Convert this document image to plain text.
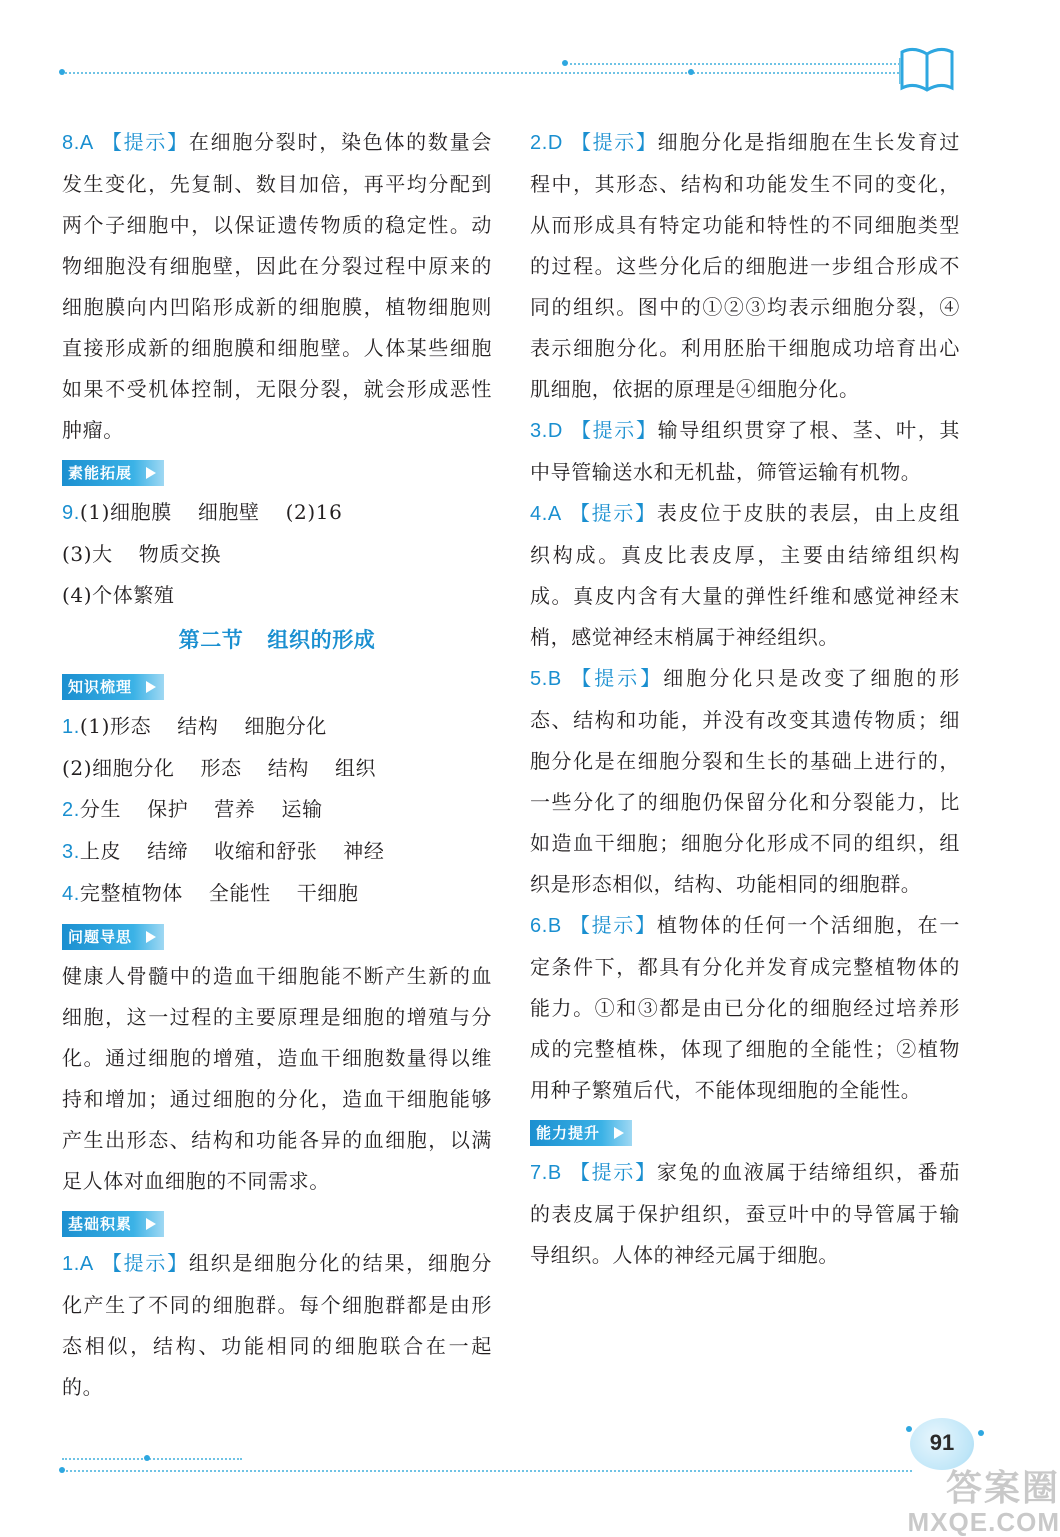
8.A 【提示】在细胞分裂时，染色体的数量会发生变化，先复制、数目加倍，再平均分配到两个子细胞中，以保证遗传物质的稳定性。动物细胞没有细胞壁，因此在分裂过程中原来的细胞膜向内凹陷形成新的细胞膜，植物细胞则直接形成新的细胞膜和细胞壁。人体某些细胞如果不受机体控制，无限分裂，就会形成恶性肿瘤。

素能拓展

9.(1)细胞膜 细胞壁 (2)16

(3)大 物质交换

(4)个体繁殖

第二节 组织的形成
知识梳理

1.(1)形态 结构 细胞分化

(2)细胞分化 形态 结构 组织

2.分生 保护 营养 运输

3.上皮 结缔 收缩和舒张 神经

4.完整植物体 全能性 干细胞

问题导思

健康人骨髓中的造血干细胞能不断产生新的血细胞，这一过程的主要原理是细胞的增殖与分化。通过细胞的增殖，造血干细胞数量得以维持和增加；通过细胞的分化，造血干细胞能够产生出形态、结构和功能各异的血细胞，以满足人体对血细胞的不同需求。

基础积累

1.A 【提示】组织是细胞分化的结果，细胞分化产生了不同的细胞群。每个细胞群都是由形态相似，结构、功能相同的细胞联合在一起的。

2.D 【提示】细胞分化是指细胞在生长发育过程中，其形态、结构和功能发生不同的变化，从而形成具有特定功能和特性的不同细胞类型的过程。这些分化后的细胞进一步组合形成不同的组织。图中的①②③均表示细胞分裂，④表示细胞分化。利用胚胎干细胞成功培育出心肌细胞，依据的原理是④细胞分化。

3.D 【提示】输导组织贯穿了根、茎、叶，其中导管输送水和无机盐，筛管运输有机物。

4.A 【提示】表皮位于皮肤的表层，由上皮组织构成。真皮比表皮厚，主要由结缔组织构成。真皮内含有大量的弹性纤维和感觉神经末梢，感觉神经末梢属于神经组织。

5.B 【提示】细胞分化只是改变了细胞的形态、结构和功能，并没有改变其遗传物质；细胞分化是在细胞分裂和生长的基础上进行的，一些分化了的细胞仍保留分化和分裂能力，比如造血干细胞；细胞分化形成不同的组织，组织是形态相似，结构、功能相同的细胞群。

6.B 【提示】植物体的任何一个活细胞，在一定条件下，都具有分化并发育成完整植物体的能力。①和③都是由已分化的细胞经过培养形成的完整植株，体现了细胞的全能性；②植物用种子繁殖后代，不能体现细胞的全能性。

能力提升

7.B 【提示】家兔的血液属于结缔组织，番茄的表皮属于保护组织，蚕豆叶中的导管属于输导组织。人体的神经元属于细胞。

91
答案圈
MXQE.COM
